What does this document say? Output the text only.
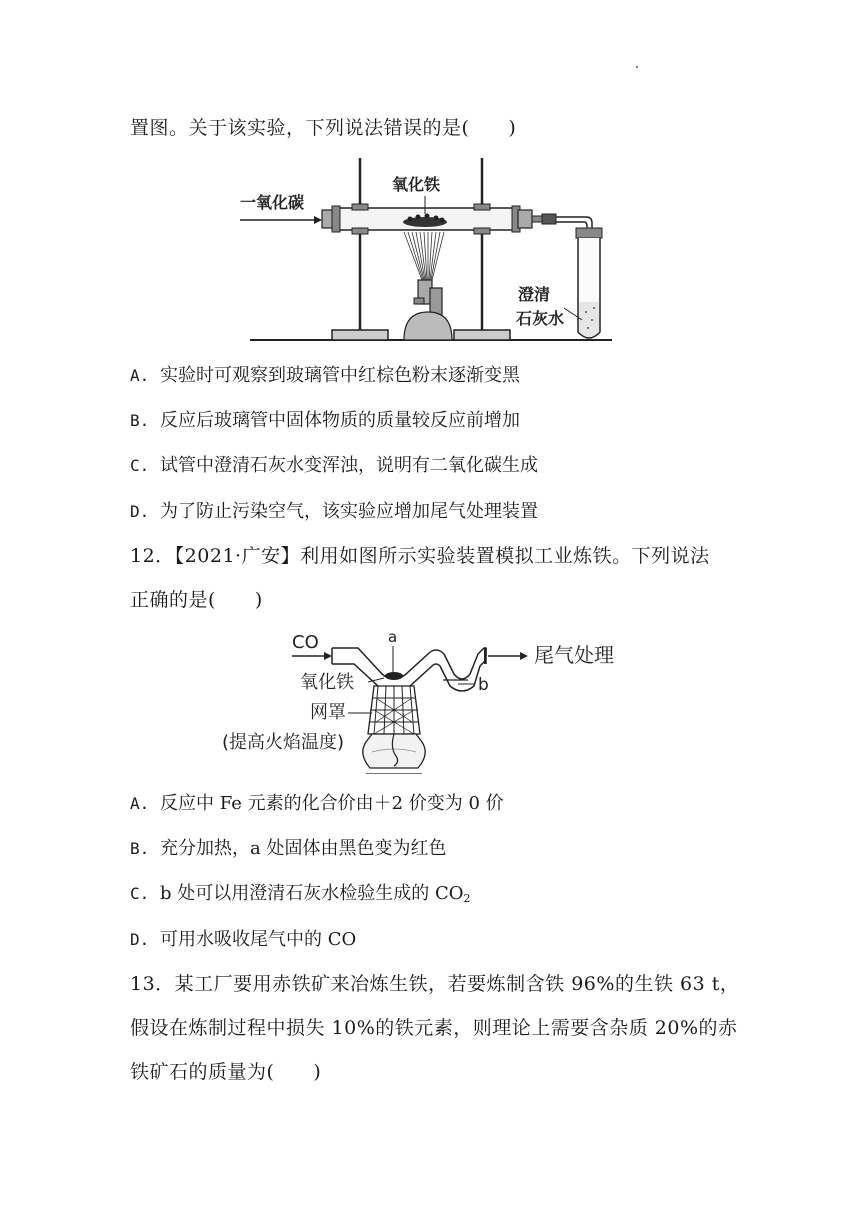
置图。关于该实验，下列说法错误的是(　　)
一氧化碳
氧化铁
澄清
石灰水
A. 实验时可观察到玻璃管中红棕色粉末逐渐变黑
B. 反应后玻璃管中固体物质的质量较反应前增加
C. 试管中澄清石灰水变浑浊，说明有二氧化碳生成
D. 为了防止污染空气，该实验应增加尾气处理装置
12．【2021·广安】利用如图所示实验装置模拟工业炼铁。下列说法
正确的是(　　)
CO	a
尾气处理
b
氧化铁
网罩
(提高火焰温度)
A. 反应中 Fe 元素的化合价由＋2 价变为 0 价
B. 充分加热，a 处固体由黑色变为红色
C. b 处可以用澄清石灰水检验生成的 $CO_2$
D. 可用水吸收尾气中的 CO
13．某工厂要用赤铁矿来冶炼生铁，若要炼制含铁 96%的生铁 63 t，
假设在炼制过程中损失 10%的铁元素，则理论上需要含杂质 20%的赤
铁矿石的质量为(　　)
